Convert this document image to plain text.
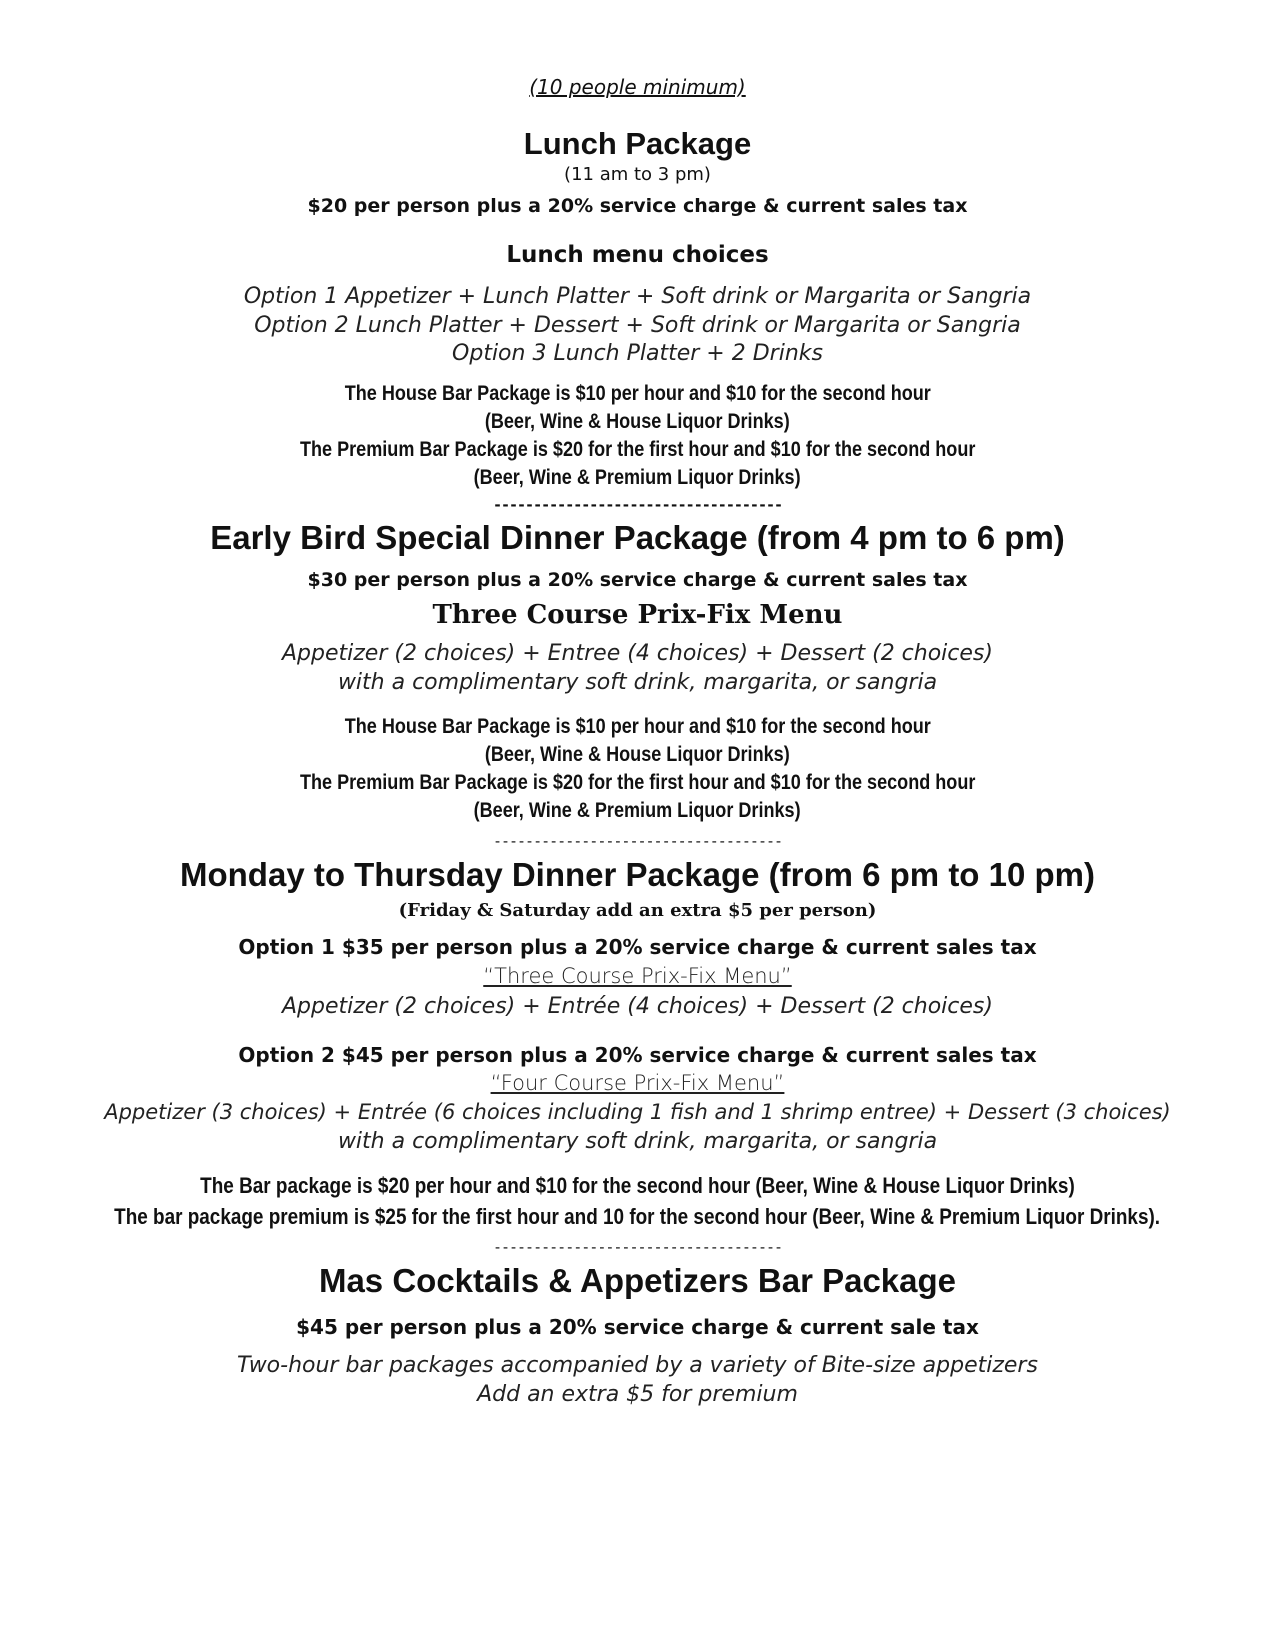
(10 people minimum)
Lunch Package
(11 am to 3 pm)
$20 per person plus a 20% service charge & current sales tax
Lunch menu choices
Option 1 Appetizer + Lunch Platter + Soft drink or Margarita or Sangria
Option 2 Lunch Platter + Dessert + Soft drink or Margarita or Sangria
Option 3 Lunch Platter + 2 Drinks
The House Bar Package is $10 per hour and $10 for the second hour
(Beer, Wine & House Liquor Drinks)
The Premium Bar Package is $20 for the first hour and $10 for the second hour
(Beer, Wine & Premium Liquor Drinks)
------------------------------------
Early Bird Special Dinner Package (from 4 pm to 6 pm)
$30 per person plus a 20% service charge & current sales tax
Three Course Prix-Fix Menu
Appetizer (2 choices) + Entree (4 choices) + Dessert (2 choices)
with a complimentary soft drink, margarita, or sangria
The House Bar Package is $10 per hour and $10 for the second hour
(Beer, Wine & House Liquor Drinks)
The Premium Bar Package is $20 for the first hour and $10 for the second hour
(Beer, Wine & Premium Liquor Drinks)
------------------------------------
Monday to Thursday Dinner Package (from 6 pm to 10 pm)
(Friday & Saturday add an extra $5 per person)
Option 1 $35 per person plus a 20% service charge & current sales tax
“Three Course Prix-Fix Menu”
Appetizer (2 choices) + Entrée (4 choices) + Dessert (2 choices)
Option 2 $45 per person plus a 20% service charge & current sales tax
“Four Course Prix-Fix Menu”
Appetizer (3 choices) + Entrée (6 choices including 1 fish and 1 shrimp entree) + Dessert (3 choices)
with a complimentary soft drink, margarita, or sangria
The Bar package is $20 per hour and $10 for the second hour (Beer, Wine & House Liquor Drinks)
The bar package premium is $25 for the first hour and 10 for the second hour (Beer, Wine & Premium Liquor Drinks).
------------------------------------
Mas Cocktails & Appetizers Bar Package
$45 per person plus a 20% service charge & current sale tax
Two-hour bar packages accompanied by a variety of Bite-size appetizers
Add an extra $5 for premium
